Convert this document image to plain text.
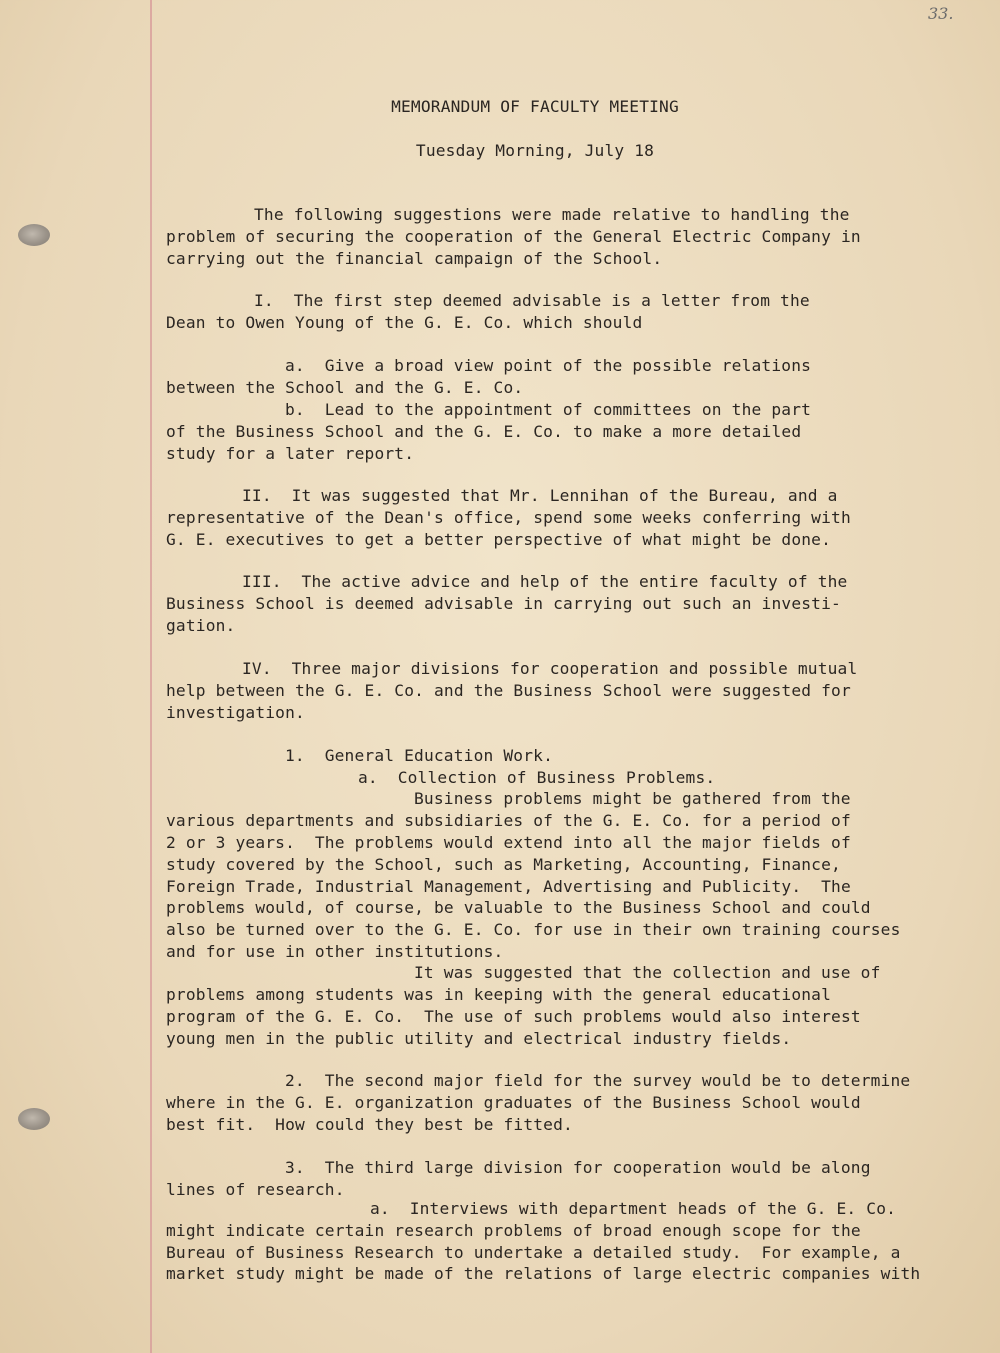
33.
MEMORANDUM OF FACULTY MEETING
Tuesday Morning, July 18
The following suggestions were made relative to handling the
problem of securing the cooperation of the General Electric Company in
carrying out the financial campaign of the School.
I.  The first step deemed advisable is a letter from the
Dean to Owen Young of the G. E. Co. which should
a.  Give a broad view point of the possible relations
between the School and the G. E. Co.
b.  Lead to the appointment of committees on the part
of the Business School and the G. E. Co. to make a more detailed
study for a later report.
II.  It was suggested that Mr. Lennihan of the Bureau, and a
representative of the Dean's office, spend some weeks conferring with
G. E. executives to get a better perspective of what might be done.
III.  The active advice and help of the entire faculty of the
Business School is deemed advisable in carrying out such an investi-
gation.
IV.  Three major divisions for cooperation and possible mutual
help between the G. E. Co. and the Business School were suggested for
investigation.
1.  General Education Work.
a.  Collection of Business Problems.
Business problems might be gathered from the
various departments and subsidiaries of the G. E. Co. for a period of
2 or 3 years.  The problems would extend into all the major fields of
study covered by the School, such as Marketing, Accounting, Finance,
Foreign Trade, Industrial Management, Advertising and Publicity.  The
problems would, of course, be valuable to the Business School and could
also be turned over to the G. E. Co. for use in their own training courses
and for use in other institutions.
It was suggested that the collection and use of
problems among students was in keeping with the general educational
program of the G. E. Co.  The use of such problems would also interest
young men in the public utility and electrical industry fields.
2.  The second major field for the survey would be to determine
where in the G. E. organization graduates of the Business School would
best fit.  How could they best be fitted.
3.  The third large division for cooperation would be along
lines of research.
a.  Interviews with department heads of the G. E. Co.
might indicate certain research problems of broad enough scope for the
Bureau of Business Research to undertake a detailed study.  For example, a
market study might be made of the relations of large electric companies with
